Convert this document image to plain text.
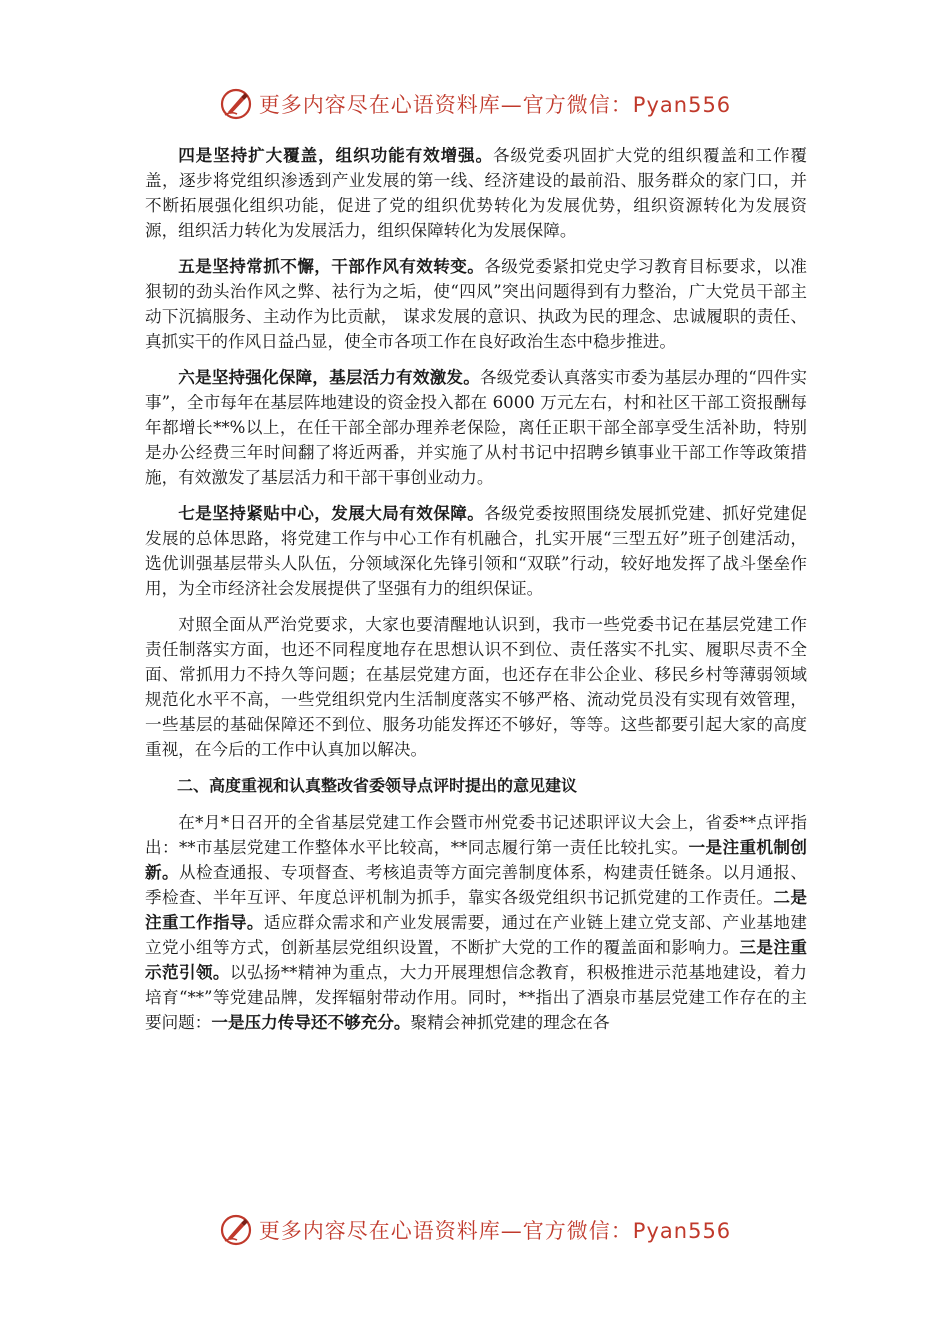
更多内容尽在心语资料库—官方微信：Pyan556

四是坚持扩大覆盖，组织功能有效增强。各级党委巩固扩大党的组织覆盖和工作覆盖，逐步将党组织渗透到产业发展的第一线、经济建设的最前沿、服务群众的家门口，并不断拓展强化组织功能，促进了党的组织优势转化为发展优势，组织资源转化为发展资源，组织活力转化为发展活力，组织保障转化为发展保障。

五是坚持常抓不懈，干部作风有效转变。各级党委紧扣党史学习教育目标要求，以准狠韧的劲头治作风之弊、祛行为之垢，使“四风”突出问题得到有力整治，广大党员干部主动下沉搞服务、主动作为比贡献， 谋求发展的意识、执政为民的理念、忠诚履职的责任、真抓实干的作风日益凸显，使全市各项工作在良好政治生态中稳步推进。

六是坚持强化保障，基层活力有效激发。各级党委认真落实市委为基层办理的“四件实事”，全市每年在基层阵地建设的资金投入都在 6000 万元左右，村和社区干部工资报酬每年都增长**%以上，在任干部全部办理养老保险，离任正职干部全部享受生活补助，特别是办公经费三年时间翻了将近两番，并实施了从村书记中招聘乡镇事业干部工作等政策措施，有效激发了基层活力和干部干事创业动力。

七是坚持紧贴中心，发展大局有效保障。各级党委按照围绕发展抓党建、抓好党建促发展的总体思路，将党建工作与中心工作有机融合，扎实开展“三型五好”班子创建活动，选优训强基层带头人队伍，分领域深化先锋引领和“双联”行动，较好地发挥了战斗堡垒作用，为全市经济社会发展提供了坚强有力的组织保证。

对照全面从严治党要求，大家也要清醒地认识到，我市一些党委书记在基层党建工作责任制落实方面，也还不同程度地存在思想认识不到位、责任落实不扎实、履职尽责不全面、常抓用力不持久等问题；在基层党建方面，也还存在非公企业、移民乡村等薄弱领域规范化水平不高，一些党组织党内生活制度落实不够严格、流动党员没有实现有效管理，一些基层的基础保障还不到位、服务功能发挥还不够好，等等。这些都要引起大家的高度重视，在今后的工作中认真加以解决。

二、高度重视和认真整改省委领导点评时提出的意见建议

在*月*日召开的全省基层党建工作会暨市州党委书记述职评议大会上，省委**点评指出：**市基层党建工作整体水平比较高，**同志履行第一责任比较扎实。一是注重机制创新。从检查通报、专项督查、考核追责等方面完善制度体系，构建责任链条。以月通报、季检查、半年互评、年度总评机制为抓手，靠实各级党组织书记抓党建的工作责任。二是注重工作指导。适应群众需求和产业发展需要，通过在产业链上建立党支部、产业基地建立党小组等方式，创新基层党组织设置，不断扩大党的工作的覆盖面和影响力。三是注重示范引领。以弘扬**精神为重点，大力开展理想信念教育，积极推进示范基地建设，着力培育“**”等党建品牌，发挥辐射带动作用。同时，**指出了酒泉市基层党建工作存在的主要问题：一是压力传导还不够充分。聚精会神抓党建的理念在各

更多内容尽在心语资料库—官方微信：Pyan556
